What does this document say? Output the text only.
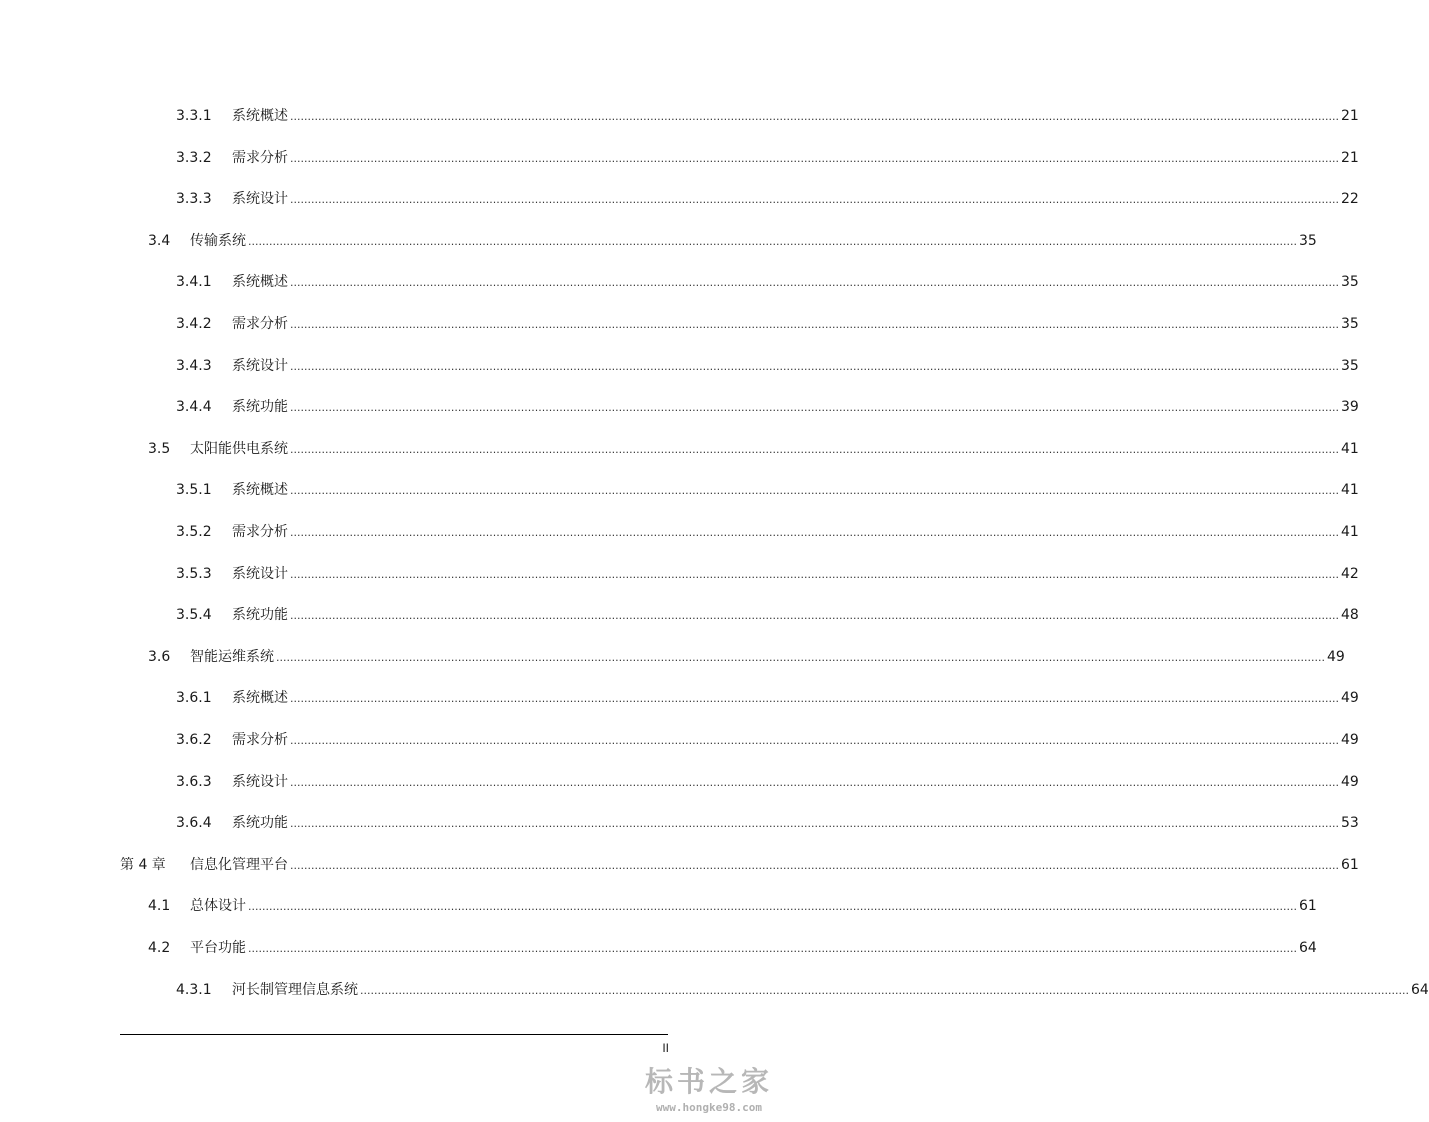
3.3.1	系统概述 ............................................................................................................................................................................................................................................................................................................ 21
3.3.2	需求分析 ............................................................................................................................................................................................................................................................................................................ 21
3.3.3	系统设计 ............................................................................................................................................................................................................................................................................................................ 22
3.4	传输系统 ............................................................................................................................................................................................................................................................................................................ 35
3.4.1	系统概述 ............................................................................................................................................................................................................................................................................................................ 35
3.4.2	需求分析 ............................................................................................................................................................................................................................................................................................................ 35
3.4.3	系统设计 ............................................................................................................................................................................................................................................................................................................ 35
3.4.4	系统功能 ............................................................................................................................................................................................................................................................................................................ 39
3.5	太阳能供电系统 ............................................................................................................................................................................................................................................................................................................ 41
3.5.1	系统概述 ............................................................................................................................................................................................................................................................................................................ 41
3.5.2	需求分析 ............................................................................................................................................................................................................................................................................................................ 41
3.5.3	系统设计 ............................................................................................................................................................................................................................................................................................................ 42
3.5.4	系统功能 ............................................................................................................................................................................................................................................................................................................ 48
3.6	智能运维系统 ............................................................................................................................................................................................................................................................................................................ 49
3.6.1	系统概述 ............................................................................................................................................................................................................................................................................................................ 49
3.6.2	需求分析 ............................................................................................................................................................................................................................................................................................................ 49
3.6.3	系统设计 ............................................................................................................................................................................................................................................................................................................ 49
3.6.4	系统功能 ............................................................................................................................................................................................................................................................................................................ 53
第 4 章	信息化管理平台 ............................................................................................................................................................................................................................................................................................................ 61
4.1	总体设计 ............................................................................................................................................................................................................................................................................................................ 61
4.2	平台功能 ............................................................................................................................................................................................................................................................................................................ 64
4.3.1	河长制管理信息系统 ............................................................................................................................................................................................................................................................................................................ 64
II
标书之家
www.hongke98.com
